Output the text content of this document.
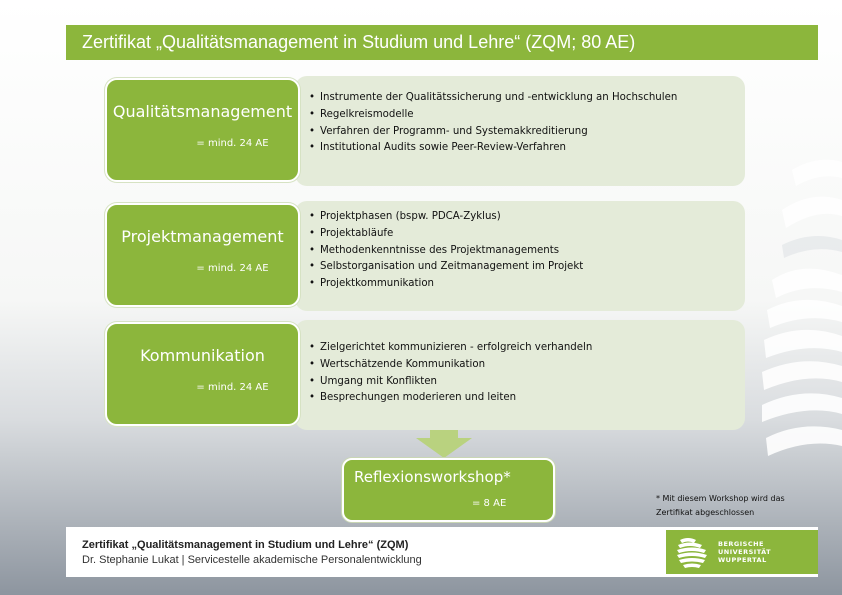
Zertifikat „Qualitätsmanagement in Studium und Lehre“ (ZQM; 80 AE)
• Instrumente der Qualitätssicherung und -entwicklung an Hochschulen
• Regelkreismodelle
• Verfahren der Programm- und Systemakkreditierung
• Institutional Audits sowie Peer-Review-Verfahren
Qualitätsmanagement
= mind. 24 AE
• Projektphasen (bspw. PDCA-Zyklus)
• Projektabläufe
• Methodenkenntnisse des Projektmanagements
• Selbstorganisation und Zeitmanagement im Projekt
• Projektkommunikation
Projektmanagement
= mind. 24 AE
• Zielgerichtet kommunizieren - erfolgreich verhandeln
• Wertschätzende Kommunikation
• Umgang mit Konflikten
• Besprechungen moderieren und leiten
Kommunikation
= mind. 24 AE
Reflexionsworkshop*
= 8 AE	* Mit diesem Workshop wird das
Zertifikat abgeschlossen
Zertifikat „Qualitätsmanagement in Studium und Lehre“ (ZQM)
Dr. Stephanie Lukat | Servicestelle akademische Personalentwicklung
BERGISCHE
UNIVERSITÄT
WUPPERTAL
